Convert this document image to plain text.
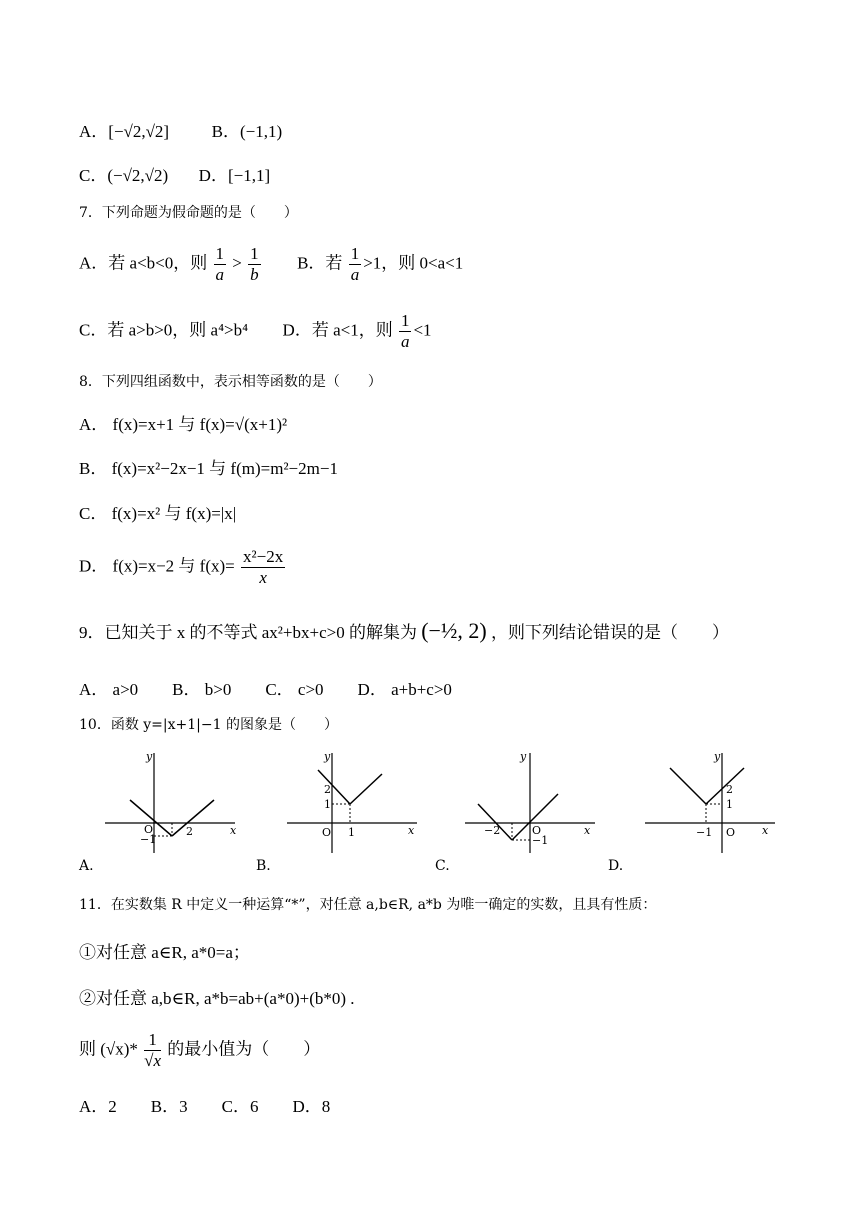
A．[−√2,√2]	B．(−1,1)
C．(−√2,√2) D．[−1,1]
7．下列命题为假命题的是（　　）
A．若 a<b<0，则 $\frac{1}{a} > \frac{1}{b}$ B．若 $\frac{1}{a} >1$，则 0<a<1
C．若 a>b>0，则 a⁴>b⁴ D．若 a<1，则 $\frac{1}{a} <1$
8．下列四组函数中，表示相等函数的是（　　）
A． f(x)=x+1 与 f(x)=√(x+1)²
B． f(x)=x²−2x−1 与 f(m)=m²−2m−1
C． f(x)=x² 与 f(x)=|x|
D． f(x)=x−2 与 $f(x)= \frac{\text{x²−2x}}{x}$
9．已知关于 x 的不等式 ax²+bx+c>0 的解集为 (−½, 2) ，则下列结论错误的是（　　）
A． a>0　　B． b>0　　C． c>0　　D． a+b+c>0
10．函数 y=|x+1|−1 的图象是（　　）
y
x
O
−1
2
A.
y
x
O
1
2
1
B.
y
x
O
−1
−2
C.
y
x
O
1
2
−1
D.
11．在实数集 R 中定义一种运算“*”，对任意 a,b∈R, a*b 为唯一确定的实数，且具有性质：
①对任意 a∈R, a*0=a；
②对任意 a,b∈R, a*b=ab+(a*0)+(b*0) .
则 $(√x)* \frac{1}{√x}$ 的最小值为（　　）
A．2　　B．3　　C．6　　D．8
